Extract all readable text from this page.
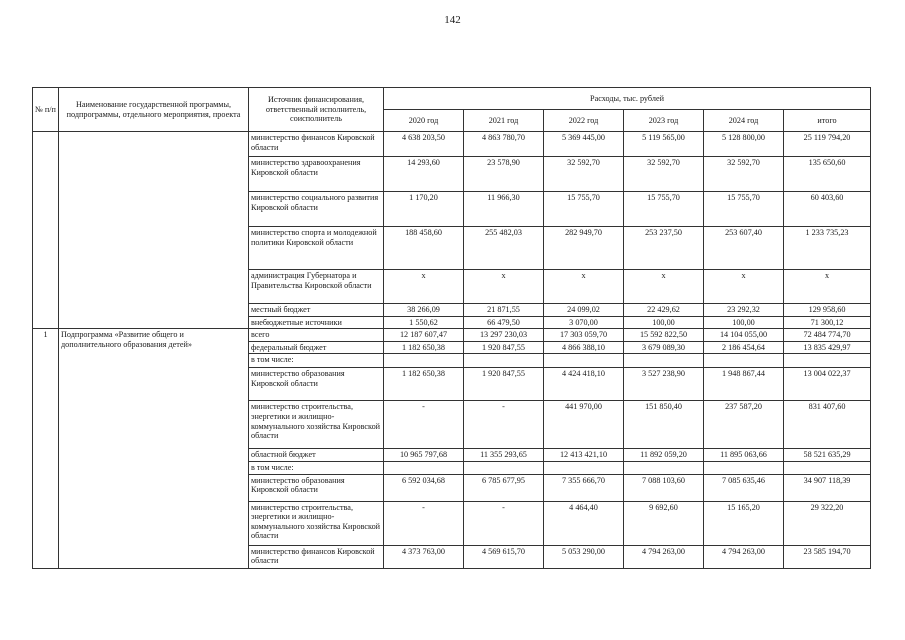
142
№ п/п	Наименование государственной программы, подпрограммы, отдельного мероприятия, проекта	Источник финансирования, ответственный исполнитель, соисполнитель	Расходы, тыс. рублей					
			2020 год	2021 год	2022 год	2023 год	2024 год	итого
		министерство финансов Кировской области	4 638 203,50	4 863 780,70	5 369 445,00	5 119 565,00	5 128 800,00	25 119 794,20
		министерство здравоохранения Кировской области	14 293,60	23 578,90	32 592,70	32 592,70	32 592,70	135 650,60
		министерство социального развития Кировской области	1 170,20	11 966,30	15 755,70	15 755,70	15 755,70	60 403,60
		министерство спорта и молодежной политики Кировской области	188 458,60	255 482,03	282 949,70	253 237,50	253 607,40	1 233 735,23
		администрация Губернатора и Правительства Кировской области	x	x	x	x	x	x
		местный бюджет	38 266,09	21 871,55	24 099,02	22 429,62	23 292,32	129 958,60
		внебюджетные источники	1 550,62	66 479,50	3 070,00	100,00	100,00	71 300,12
1	Подпрограмма «Развитие общего и дополнительного образования детей»	всего	12 187 607,47	13 297 230,03	17 303 059,70	15 592 822,50	14 104 055,00	72 484 774,70
		федеральный бюджет	1 182 650,38	1 920 847,55	4 866 388,10	3 679 089,30	2 186 454,64	13 835 429,97
		в том числе:						
		министерство образования Кировской области	1 182 650,38	1 920 847,55	4 424 418,10	3 527 238,90	1 948 867,44	13 004 022,37
		министерство строительства, энергетики и жилищно-коммунального хозяйства Кировской области	-	-	441 970,00	151 850,40	237 587,20	831 407,60
		областной бюджет	10 965 797,68	11 355 293,65	12 413 421,10	11 892 059,20	11 895 063,66	58 521 635,29
		в том числе:						
		министерство образования Кировской области	6 592 034,68	6 785 677,95	7 355 666,70	7 088 103,60	7 085 635,46	34 907 118,39
		министерство строительства, энергетики и жилищно-коммунального хозяйства Кировской области	-	-	4 464,40	9 692,60	15 165,20	29 322,20
		министерство финансов Кировской области	4 373 763,00	4 569 615,70	5 053 290,00	4 794 263,00	4 794 263,00	23 585 194,70
